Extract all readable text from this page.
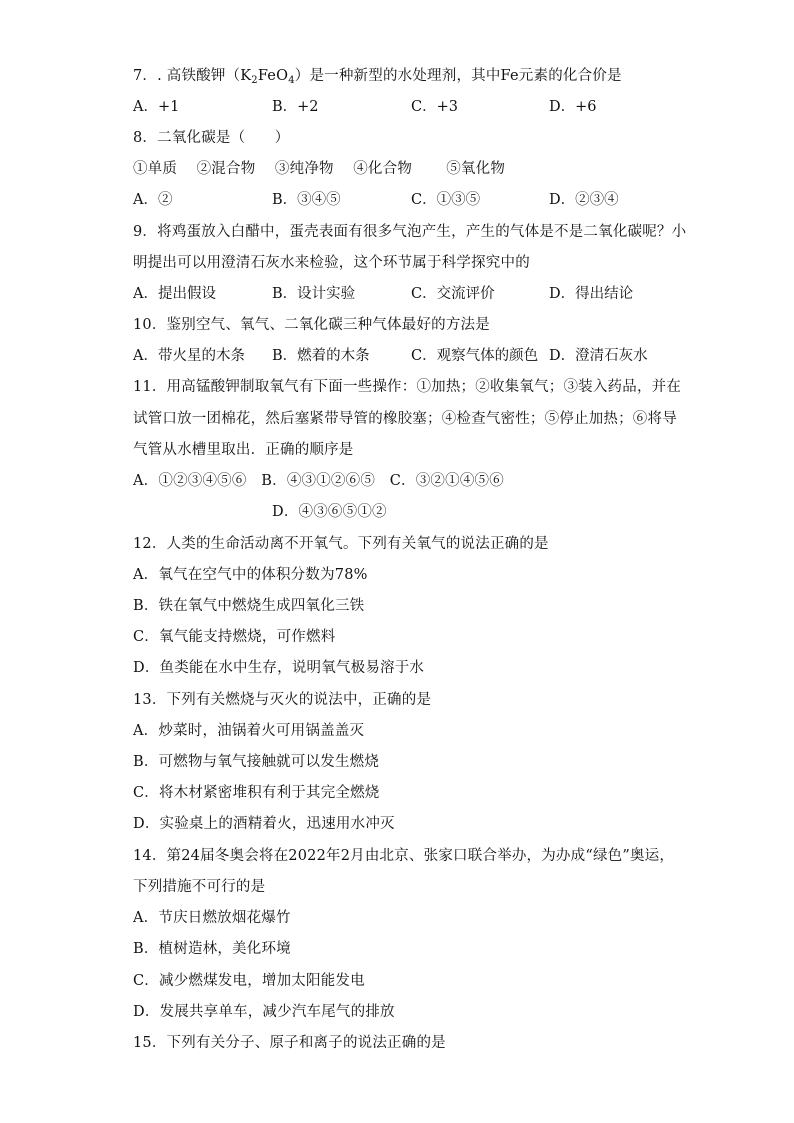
7．. 高铁酸钾$(K_2FeO_4)$是一种新型的水处理剂，其中Fe元素的化合价是
A．+1	B．+2	C．+3	D．+6
8．二氧化碳是（　　）
①单质　 ②混合物　 ③纯净物　 ④化合物　　 ⑤氧化物
A．②	B．③④⑤	C．①③⑤	D．②③④
9．将鸡蛋放入白醋中，蛋壳表面有很多气泡产生，产生的气体是不是二氧化碳呢？小
明提出可以用澄清石灰水来检验，这个环节属于科学探究中的
A．提出假设	B．设计实验	C．交流评价	D．得出结论
10．鉴别空气、氧气、二氧化碳三种气体最好的方法是
A．带火星的木条 B．燃着的木条	C．观察气体的颜色 D．澄清石灰水
11．用高锰酸钾制取氧气有下面一些操作：①加热；②收集氧气；③装入药品，并在
试管口放一团棉花，然后塞紧带导管的橡胶塞；④检查气密性；⑤停止加热；⑥将导
气管从水槽里取出．正确的顺序是
A．①②③④⑤⑥　B．④③①②⑥⑤　C．③②①④⑤⑥
D．④③⑥⑤①②
12．人类的生命活动离不开氧气。下列有关氧气的说法正确的是
A．氧气在空气中的体积分数为78%
B．铁在氧气中燃烧生成四氧化三铁
C．氧气能支持燃烧，可作燃料
D．鱼类能在水中生存，说明氧气极易溶于水
13．下列有关燃烧与灭火的说法中，正确的是
A．炒菜时，油锅着火可用锅盖盖灭
B．可燃物与氧气接触就可以发生燃烧
C．将木材紧密堆积有利于其完全燃烧
D．实验桌上的酒精着火，迅速用水冲灭
14．第24届冬奥会将在2022年2月由北京、张家口联合举办，为办成“绿色”奥运，
下列措施不可行的是
A．节庆日燃放烟花爆竹
B．植树造林，美化环境
C．减少燃煤发电，增加太阳能发电
D．发展共享单车，减少汽车尾气的排放
15．下列有关分子、原子和离子的说法正确的是
